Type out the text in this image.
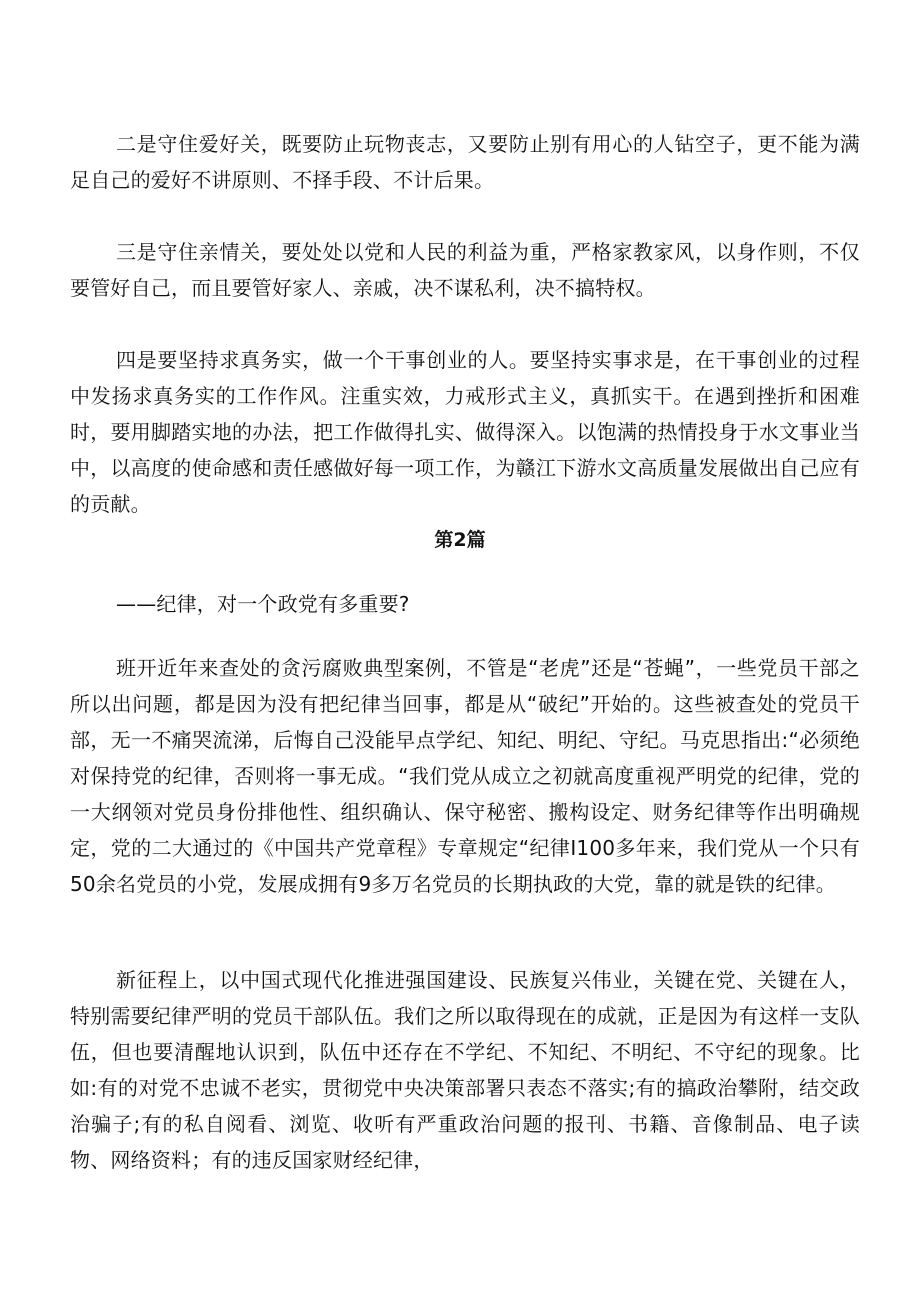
二是守住爱好关，既要防止玩物丧志，又要防止别有用心的人钻空子，更不能为满足自己的爱好不讲原则、不择手段、不计后果。

三是守住亲情关，要处处以党和人民的利益为重，严格家教家风，以身作则，不仅要管好自己，而且要管好家人、亲戚，决不谋私利，决不搞特权。

四是要坚持求真务实，做一个干事创业的人。要坚持实事求是，在干事创业的过程中发扬求真务实的工作作风。注重实效，力戒形式主义，真抓实干。在遇到挫折和困难时，要用脚踏实地的办法，把工作做得扎实、做得深入。以饱满的热情投身于水文事业当中，以高度的使命感和责任感做好每一项工作，为赣江下游水文高质量发展做出自己应有的贡献。

第2篇

——纪律，对一个政党有多重要?

班开近年来查处的贪污腐败典型案例，不管是“老虎”还是“苍蝇”，一些党员干部之所以出问题，都是因为没有把纪律当回事，都是从“破纪”开始的。这些被查处的党员干部，无一不痛哭流涕，后悔自己没能早点学纪、知纪、明纪、守纪。马克思指出:“必须绝对保持党的纪律，否则将一事无成。“我们党从成立之初就高度重视严明党的纪律，党的一大纲领对党员身份排他性、组织确认、保守秘密、搬构设定、财务纪律等作出明确规定，党的二大通过的《中国共产党章程》专章规定“纪律I100多年来，我们党从一个只有50余名党员的小党，发展成拥有9多万名党员的长期执政的大党，靠的就是铁的纪律。

新征程上，以中国式现代化推进强国建设、民族复兴伟业，关键在党、关键在人，特别需要纪律严明的党员干部队伍。我们之所以取得现在的成就，正是因为有这样一支队伍，但也要清醒地认识到，队伍中还存在不学纪、不知纪、不明纪、不守纪的现象。比如:有的对党不忠诚不老实，贯彻党中央决策部署只表态不落实;有的搞政治攀附，结交政治骗子;有的私自阅看、浏览、收听有严重政治问题的报刊、书籍、音像制品、电子读物、网络资料；有的违反国家财经纪律，
